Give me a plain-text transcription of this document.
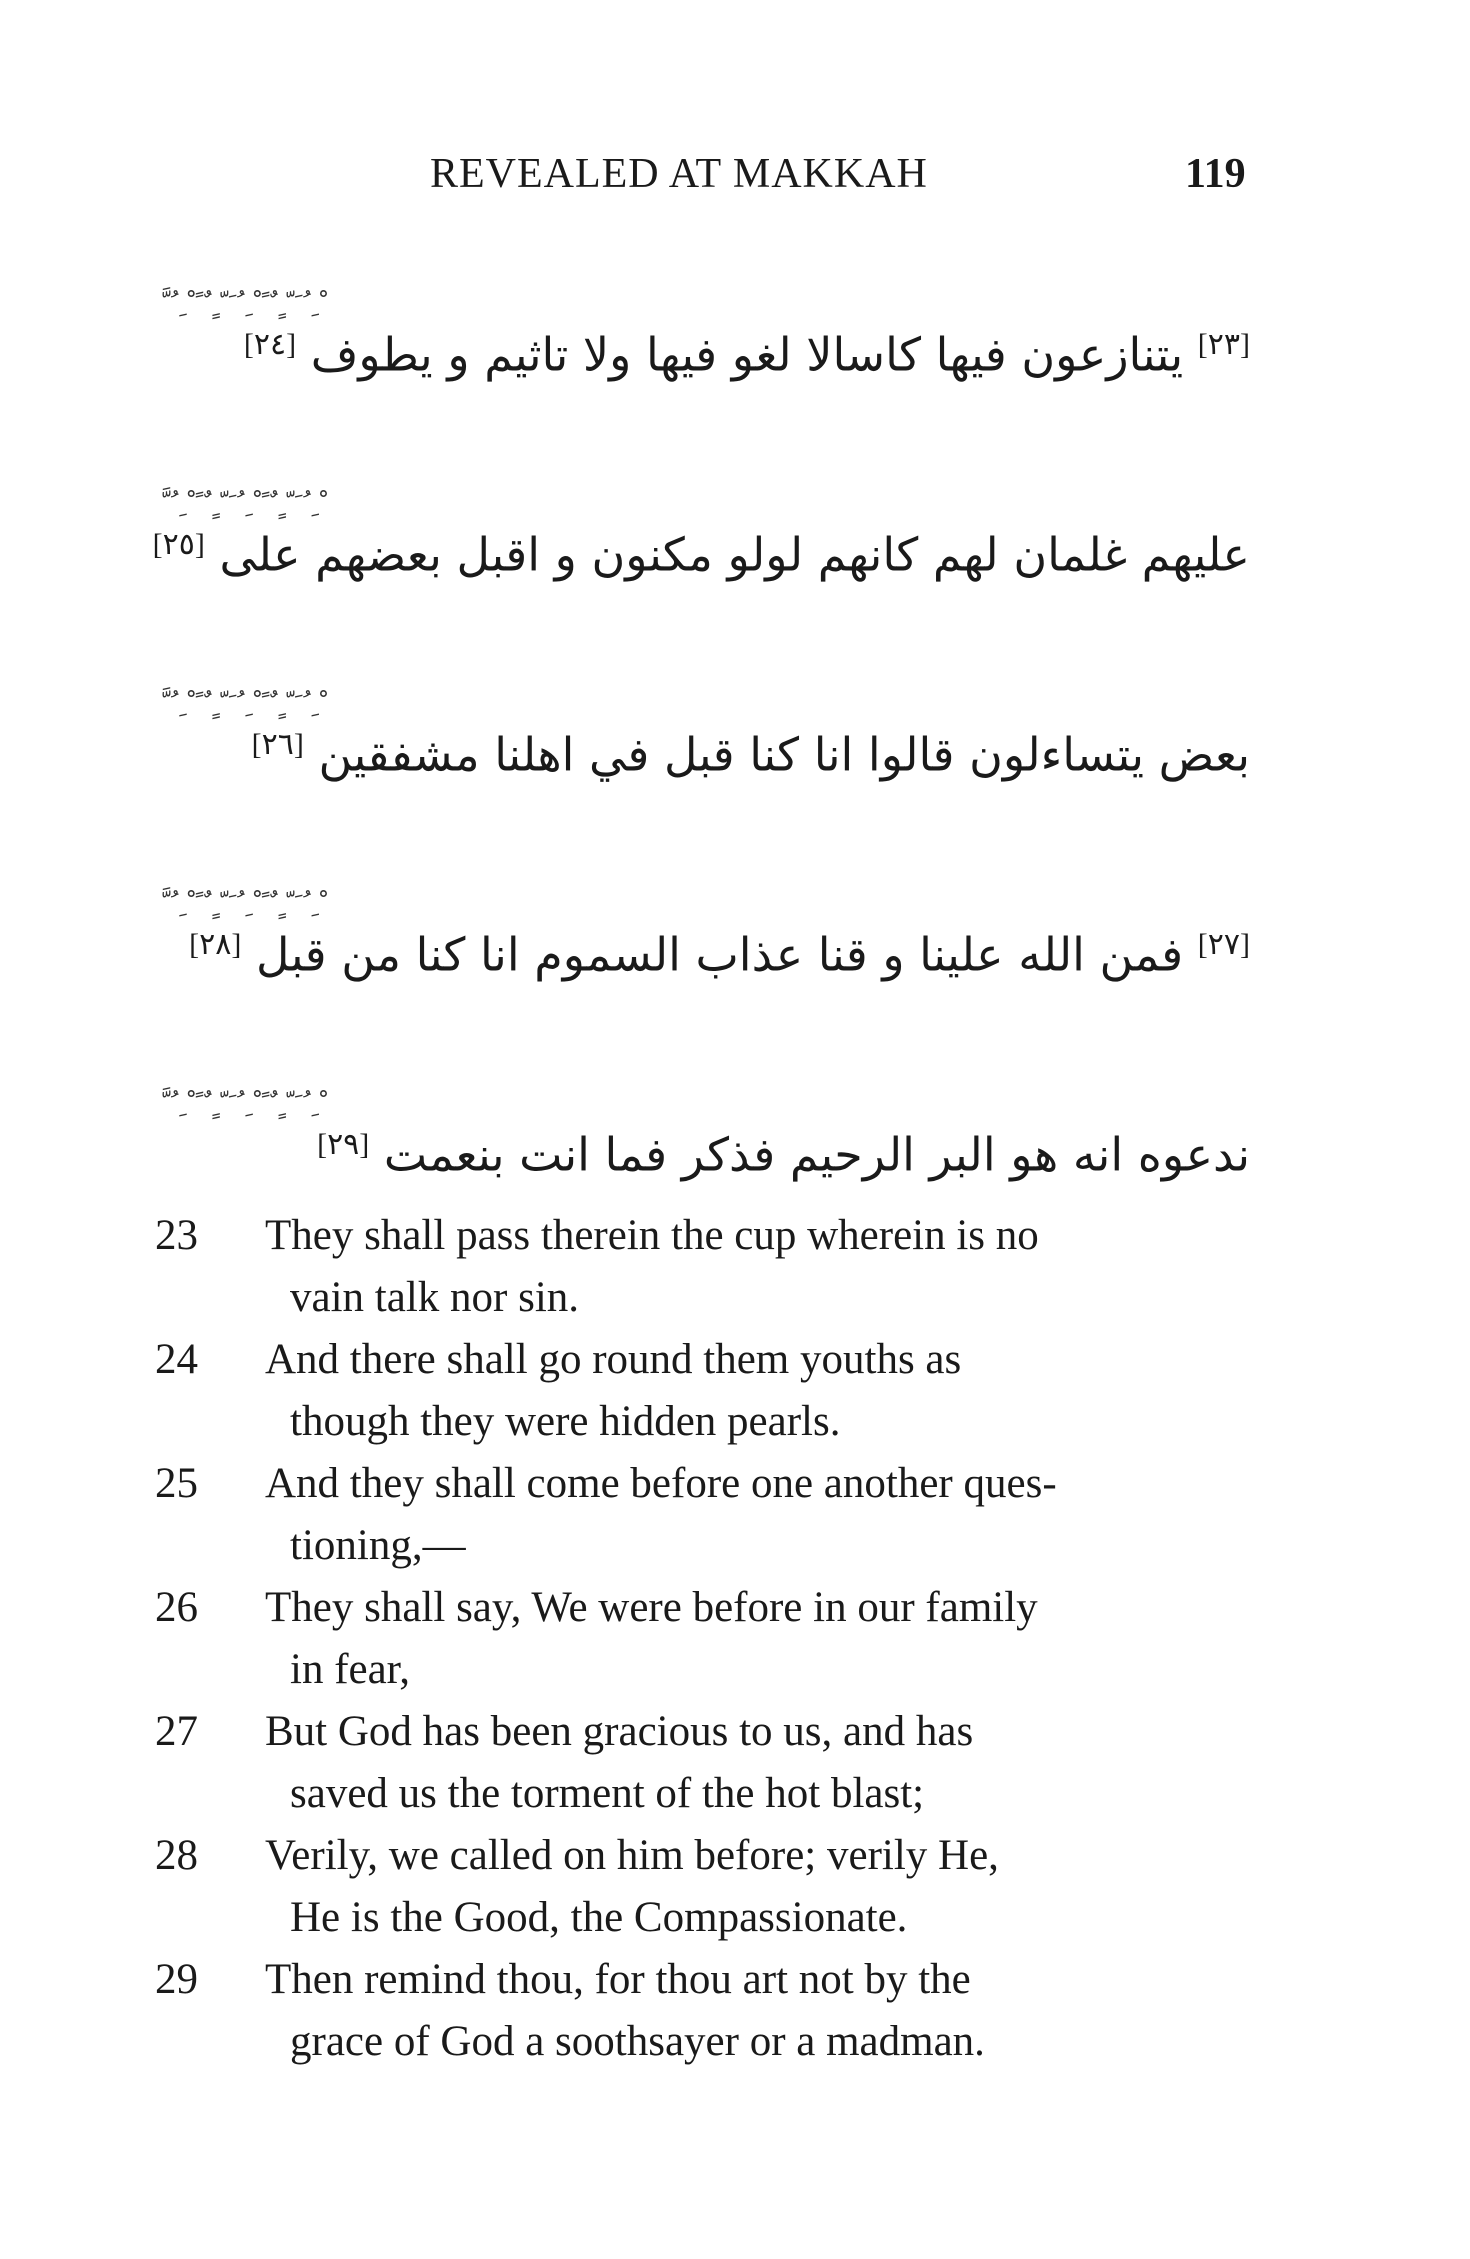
REVEALED AT MAKKAH	119
ّ َ ُ ِ ْ ً ٌ ٍ ّ َ ُ ِ ْ ً ٌ ٍ ّ َ ُ ِ ْ
[٢٣] يتنازعون فيها كاسالا لغو فيها ولا تاثيم و يطوف [٢٤]
ّ َ ُ ِ ْ ً ٌ ٍ ّ َ ُ ِ ْ ً ٌ ٍ ّ َ ُ ِ ْ
عليهم غلمان لهم كانهم لولو مكنون و اقبل بعضهم على [٢٥]
ّ َ ُ ِ ْ ً ٌ ٍ ّ َ ُ ِ ْ ً ٌ ٍ ّ َ ُ ِ ْ
بعض يتساءلون قالوا انا كنا قبل في اهلنا مشفقين [٢٦]
ّ َ ُ ِ ْ ً ٌ ٍ ّ َ ُ ِ ْ ً ٌ ٍ ّ َ ُ ِ ْ
[٢٧] فمن الله علينا و قنا عذاب السموم انا كنا من قبل [٢٨]
ّ َ ُ ِ ْ ً ٌ ٍ ّ َ ُ ِ ْ ً ٌ ٍ ّ َ ُ ِ ْ
ندعوه انه هو البر الرحيم فذكر فما انت بنعمت [٢٩]
23	They shall pass therein the cup wherein is no
vain talk nor sin.
24	And there shall go round them youths as
though they were hidden pearls.
25	And they shall come before one another ques-
tioning,—
26	They shall say, We were before in our family
in fear,
27	But God has been gracious to us, and has
saved us the torment of the hot blast;
28	Verily, we called on him before; verily He,
He is the Good, the Compassionate.
29	Then remind thou, for thou art not by the
grace of God a soothsayer or a madman.
